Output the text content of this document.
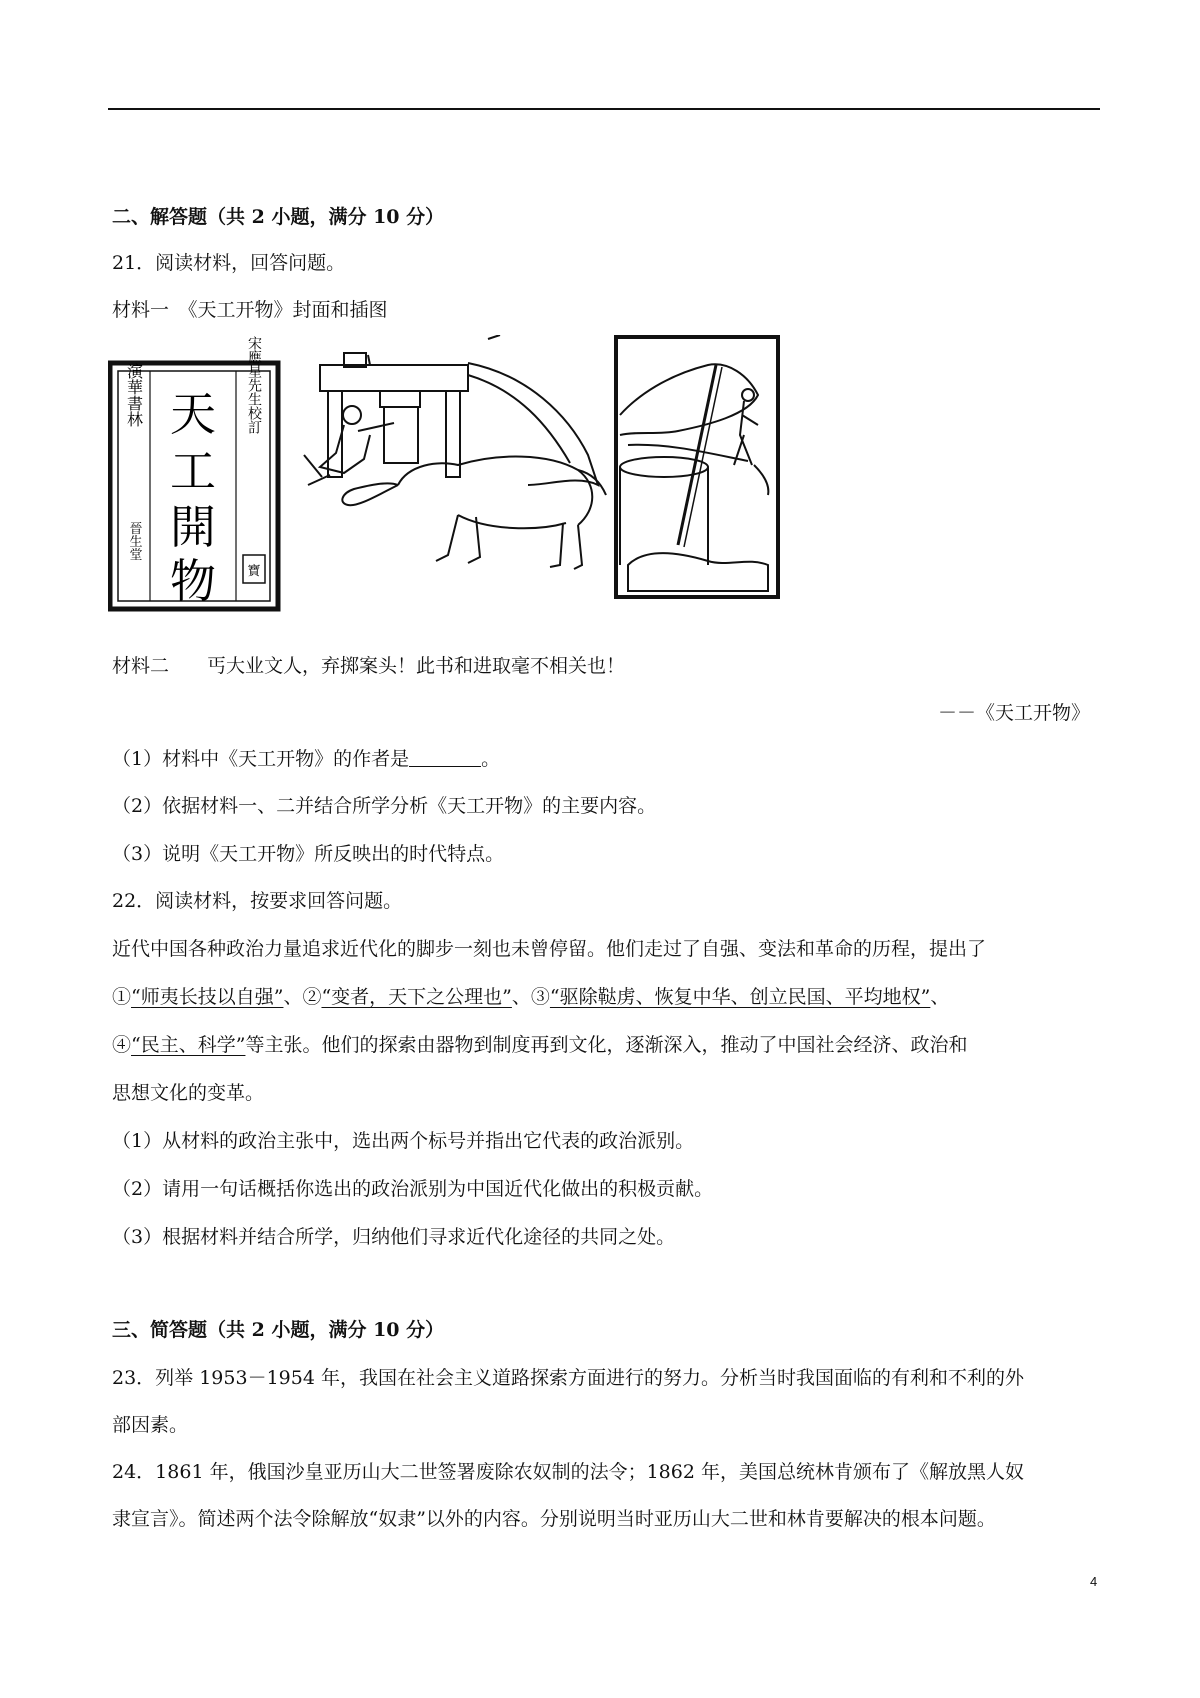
二、解答题（共 2 小题，满分 10 分）
21．阅读材料，回答问题。
材料一　《天工开物》封面和插图
演華書林
晉生堂
天
工
開
物
宋應星先生校訂
寶
材料二　　丐大业文人，弃掷案头！此书和进取毫不相关也！
－－《天工开物》
（1）材料中《天工开物》的作者是	。
（2）依据材料一、二并结合所学分析《天工开物》的主要内容。
（3）说明《天工开物》所反映出的时代特点。
22．阅读材料，按要求回答问题。
近代中国各种政治力量追求近代化的脚步一刻也未曾停留。他们走过了自强、变法和革命的历程，提出了
①“师夷长技以自强”、②“变者，天下之公理也”、③“驱除鞑虏、恢复中华、创立民国、平均地权”、
④“民主、科学”等主张。他们的探索由器物到制度再到文化，逐渐深入，推动了中国社会经济、政治和
思想文化的变革。
（1）从材料的政治主张中，选出两个标号并指出它代表的政治派别。
（2）请用一句话概括你选出的政治派别为中国近代化做出的积极贡献。
（3）根据材料并结合所学，归纳他们寻求近代化途径的共同之处。
三、简答题（共 2 小题，满分 10 分）
23．列举 1953－1954 年，我国在社会主义道路探索方面进行的努力。分析当时我国面临的有利和不利的外
部因素。
24．1861 年，俄国沙皇亚历山大二世签署废除农奴制的法令；1862 年，美国总统林肯颁布了《解放黑人奴
隶宣言》。简述两个法令除解放“奴隶”以外的内容。分别说明当时亚历山大二世和林肯要解决的根本问题。
4
